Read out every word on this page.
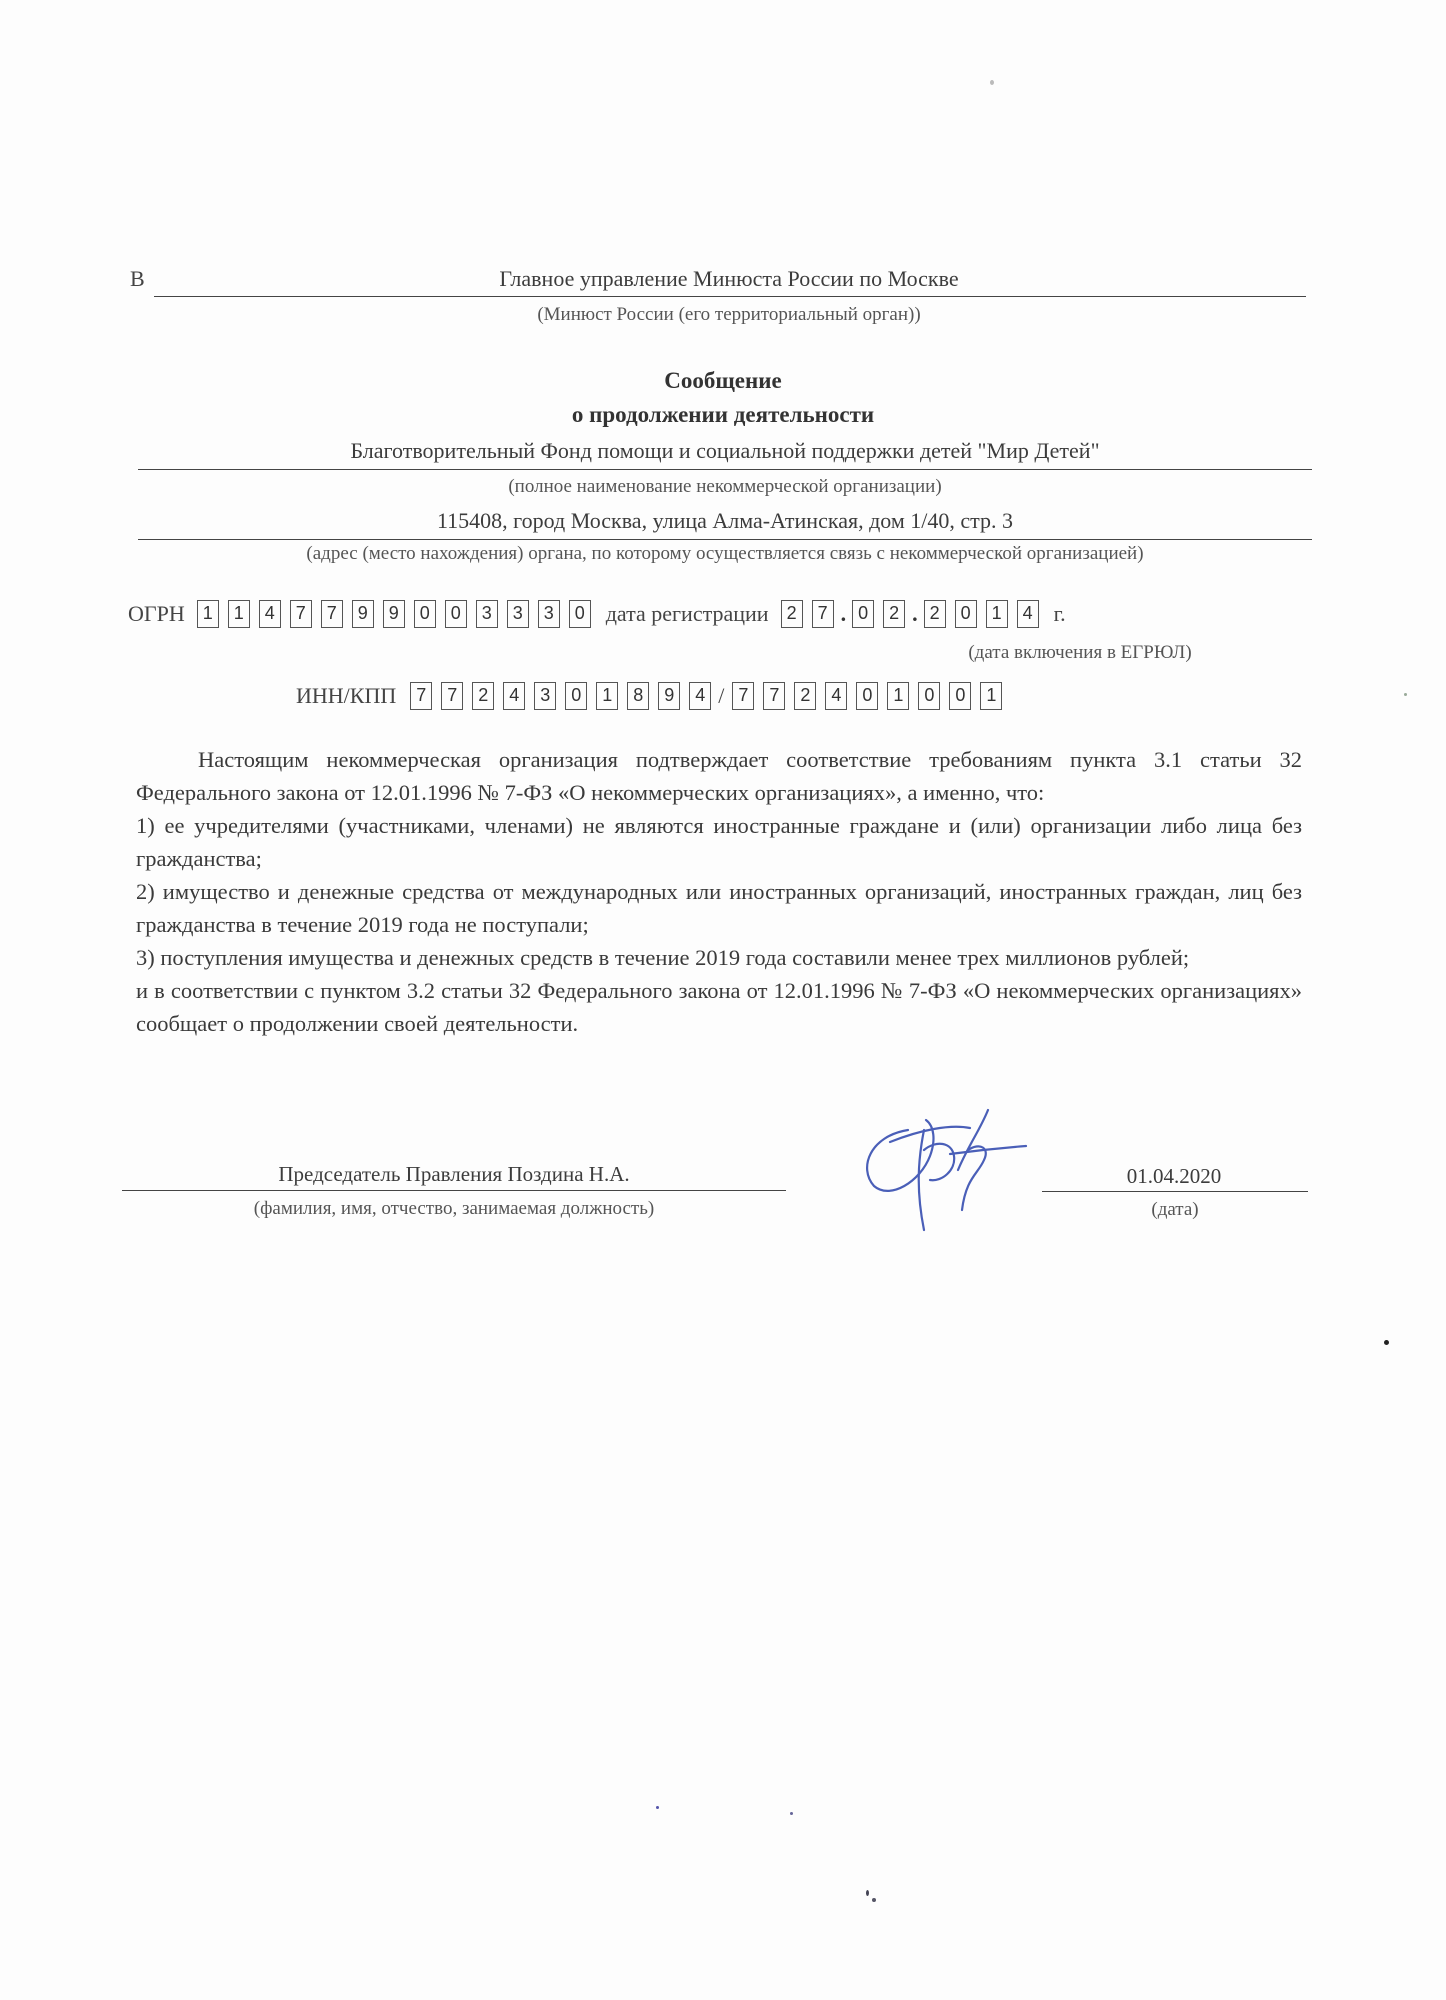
В	Главное управление Минюста России по Москве
(Минюст России (его территориальный орган))
Сообщение
о продолжении деятельности
Благотворительный Фонд помощи и социальной поддержки детей "Мир Детей"
(полное наименование некоммерческой организации)
115408, город Москва, улица Алма-Атинская, дом 1/40, стр. 3
(адрес (место нахождения) органа, по которому осуществляется связь с некоммерческой организацией)
ОГРН 1	1	4	7	7	9	9	0	0	3	3	3	0 дата регистрации 2	7 . 0	2 . 2	0	1	4 г.
(дата включения в ЕГРЮЛ)
ИНН/КПП	7	7	2	4	3	0	1	8	9	4 / 7	7	2	4	0	1	0	0	1

Настоящим некоммерческая организация подтверждает соответствие требованиям пункта 3.1 статьи 32 Федерального закона от 12.01.1996 № 7-ФЗ «О некоммерческих организациях», а именно, что:

1) ее учредителями (участниками, членами) не являются иностранные граждане и (или) организации либо лица без гражданства;

2) имущество и денежные средства от международных или иностранных организаций, иностранных граждан, лиц без гражданства в течение 2019 года не поступали;

3) поступления имущества и денежных средств в течение 2019 года составили менее трех миллионов рублей;

и в соответствии с пунктом 3.2 статьи 32 Федерального закона от 12.01.1996 № 7-ФЗ «О некоммерческих организациях» сообщает о продолжении своей деятельности.

Председатель Правления Поздина Н.А.
(фамилия, имя, отчество, занимаемая должность)
01.04.2020
(дата)
